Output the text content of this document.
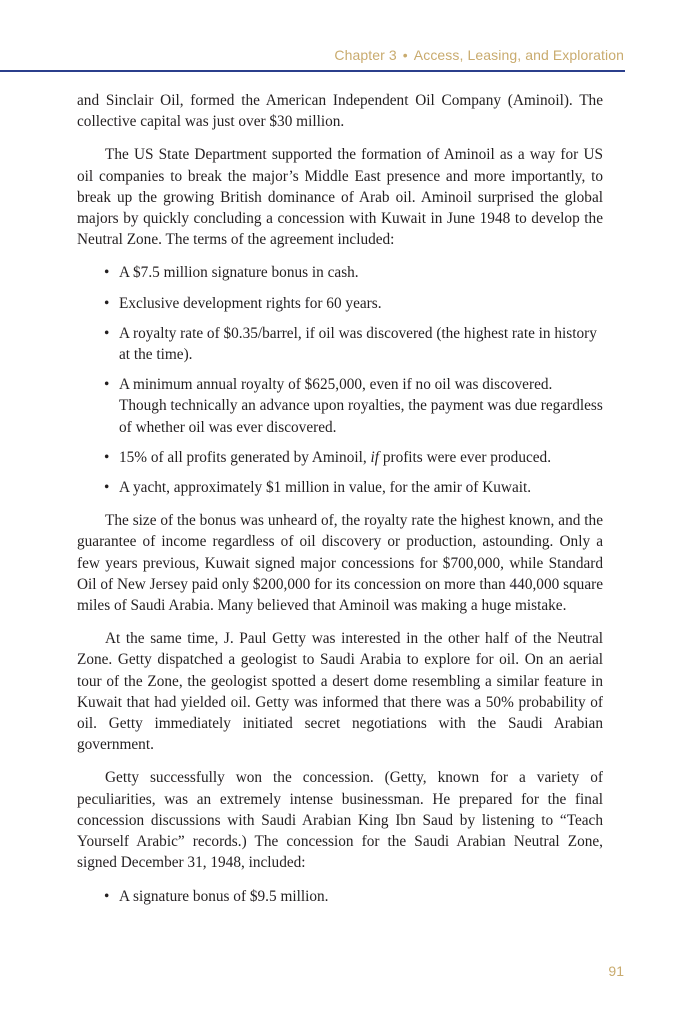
Chapter 3 • Access, Leasing, and Exploration

and Sinclair Oil, formed the American Independent Oil Company (Aminoil). The collective capital was just over $30 million.

The US State Department supported the formation of Aminoil as a way for US oil companies to break the major’s Middle East presence and more importantly, to break up the growing British dominance of Arab oil. Aminoil surprised the global majors by quickly concluding a concession with Kuwait in June 1948 to develop the Neutral Zone. The terms of the agreement included:

• A $7.5 million signature bonus in cash.
• Exclusive development rights for 60 years.
• A royalty rate of $0.35/barrel, if oil was discovered (the highest rate in history at the time).
• A minimum annual royalty of $625,000, even if no oil was discovered. Though technically an advance upon royalties, the payment was due regardless of whether oil was ever discovered.
• 15% of all profits generated by Aminoil, if profits were ever produced.
• A yacht, approximately $1 million in value, for the amir of Kuwait.

The size of the bonus was unheard of, the royalty rate the highest known, and the guarantee of income regardless of oil discovery or production, astounding. Only a few years previous, Kuwait signed major concessions for $700,000, while Standard Oil of New Jersey paid only $200,000 for its concession on more than 440,000 square miles of Saudi Arabia. Many believed that Aminoil was making a huge mistake.

At the same time, J. Paul Getty was interested in the other half of the Neutral Zone. Getty dispatched a geologist to Saudi Arabia to explore for oil. On an aerial tour of the Zone, the geologist spotted a desert dome resembling a similar feature in Kuwait that had yielded oil. Getty was informed that there was a 50% probability of oil. Getty immediately initiated secret negotiations with the Saudi Arabian government.

Getty successfully won the concession. (Getty, known for a variety of peculiarities, was an extremely intense businessman. He prepared for the final concession discussions with Saudi Arabian King Ibn Saud by listening to “Teach Yourself Arabic” records.) The concession for the Saudi Arabian Neutral Zone, signed December 31, 1948, included:

• A signature bonus of $9.5 million.
91
